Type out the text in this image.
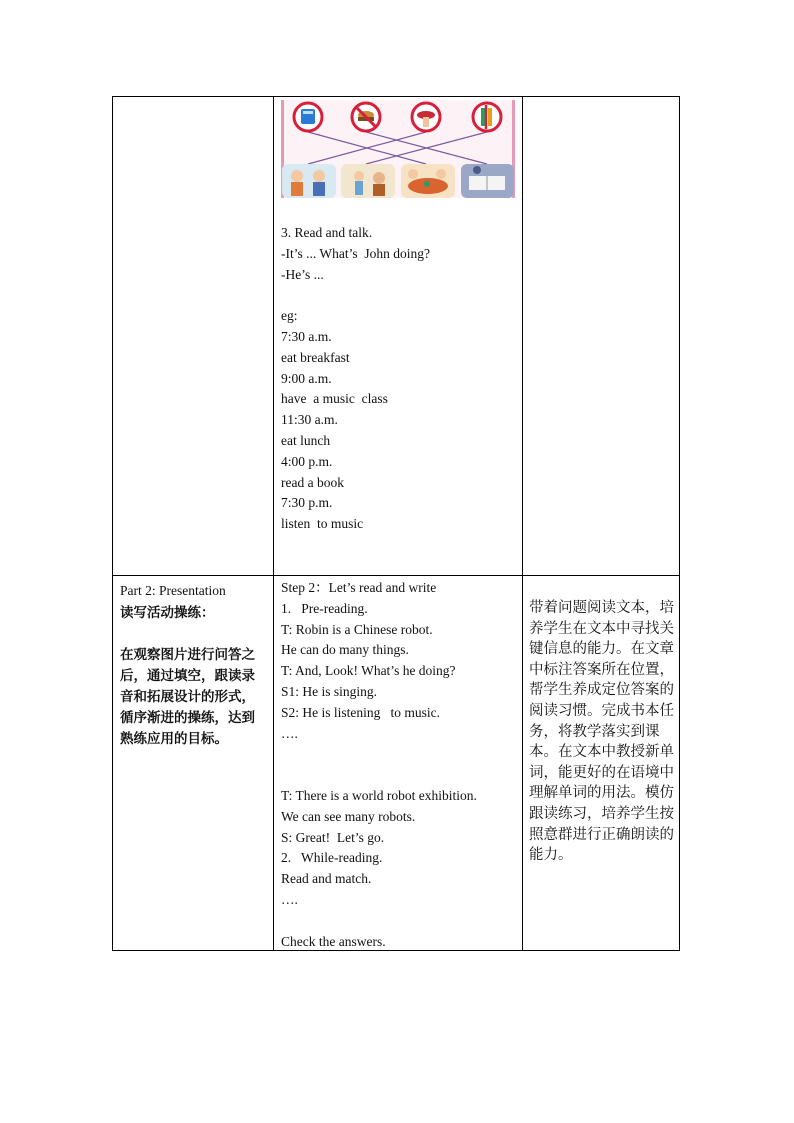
3. Read and talk.
-It’s ... What’s  John doing?
-He’s ...
eg:
7:30 a.m.
eat breakfast
9:00 a.m.
have  a music  class
11:30 a.m.
eat lunch
4:00 p.m.
read a book
7:30 p.m.
listen  to music
Part 2: Presentation
读写活动操练：
在观察图片进行问答之后，通过填空，跟读录音和拓展设计的形式，循序渐进的操练，达到熟练应用的目标。
Step 2：Let’s read and write
1.   Pre-reading.
T: Robin is a Chinese robot.
He can do many things.
T: And, Look! What’s he doing?
S1: He is singing.
S2: He is listening   to music.
….
T: There is a world robot exhibition.
We can see many robots.
S: Great!  Let’s go.
2.   While-reading.
Read and match.
….
Check the answers.
带着问题阅读文本，培养学生在文本中寻找关键信息的能力。在文章中标注答案所在位置，帮学生养成定位答案的阅读习惯。完成书本任务，将教学落实到课本。在文本中教授新单词，能更好的在语境中理解单词的用法。模仿跟读练习，培养学生按照意群进行正确朗读的能力。
